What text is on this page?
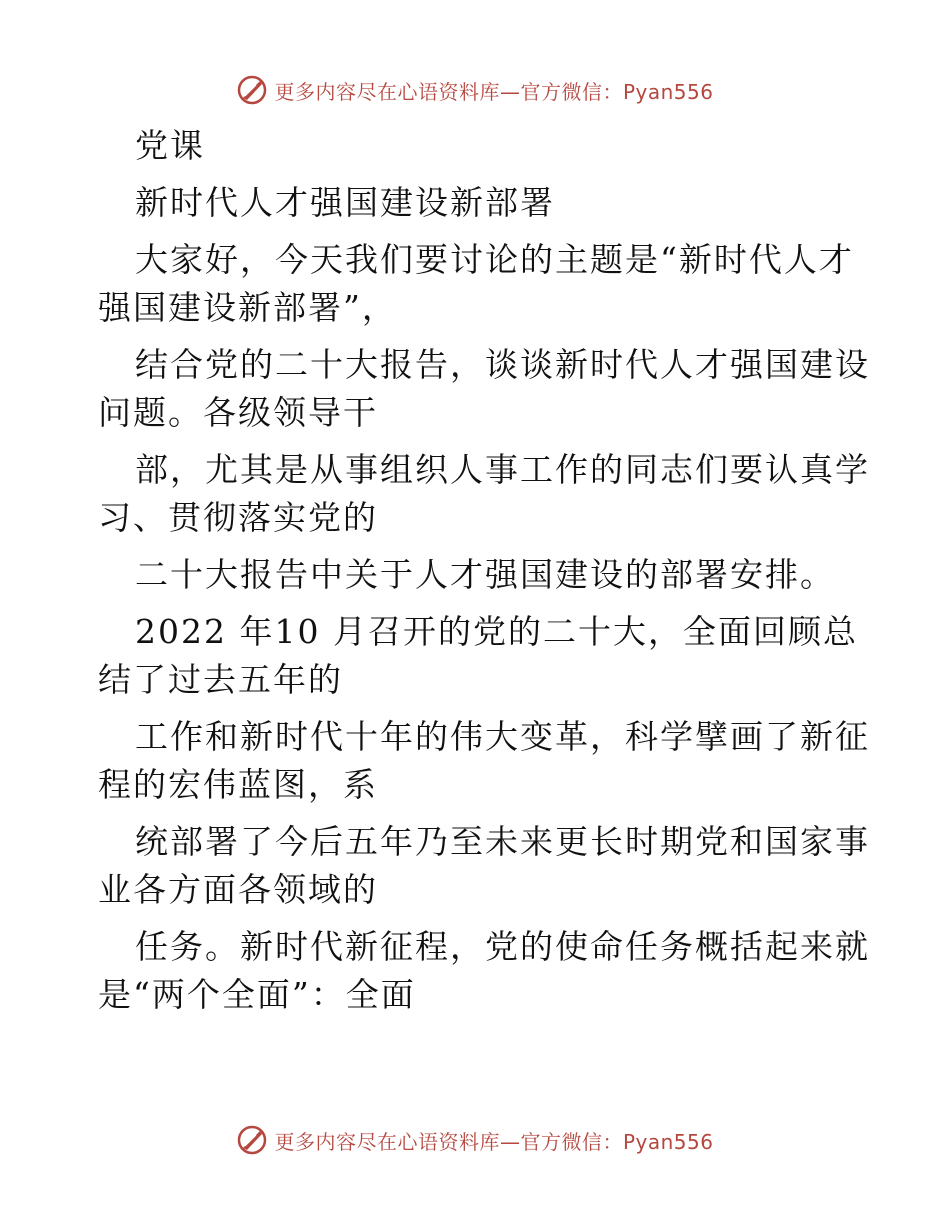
更多内容尽在心语资料库—官方微信：Pyan556
党课
新时代人才强国建设新部署
大家好，今天我们要讨论的主题是“新时代人才
强国建设新部署”，
结合党的二十大报告，谈谈新时代人才强国建设
问题。各级领导干
部，尤其是从事组织人事工作的同志们要认真学
习、贯彻落实党的
二十大报告中关于人才强国建设的部署安排。
2022 年10 月召开的党的二十大，全面回顾总
结了过去五年的
工作和新时代十年的伟大变革，科学擘画了新征
程的宏伟蓝图，系
统部署了今后五年乃至未来更长时期党和国家事
业各方面各领域的
任务。新时代新征程，党的使命任务概括起来就
是“两个全面”：全面
更多内容尽在心语资料库—官方微信：Pyan556
